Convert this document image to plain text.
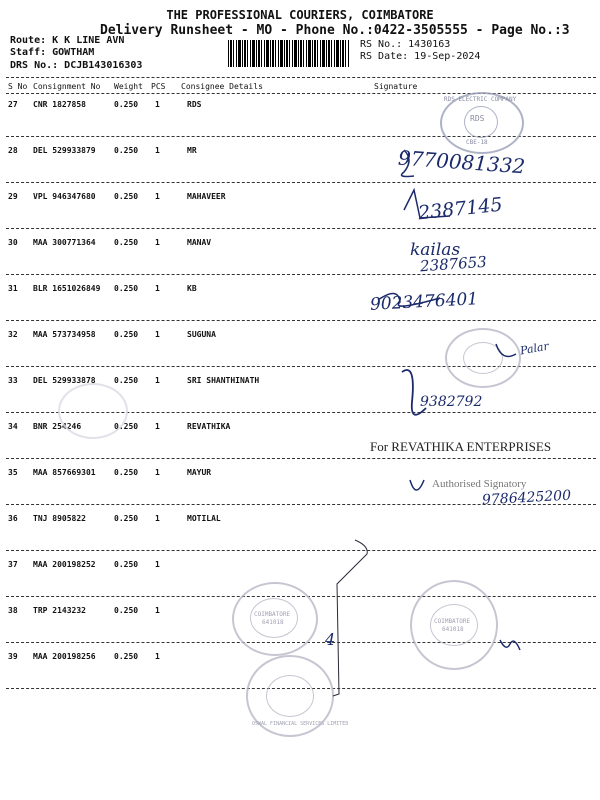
THE PROFESSIONAL COURIERS, COIMBATORE
Delivery Runsheet - MO - Phone No.:0422-3505555 - Page No.:3
Route: K K LINE AVN
Staff: GOWTHAM
DRS No.: DCJB143016303
RS No.: 1430163
RS Date: 19-Sep-2024
S No Consignment No Weight PCS Consignee Details	Signature
27 CNR 1827858	0.250 1	RDS
28 DEL 529933879 0.250 1	MR
29 VPL 946347680 0.250 1	MAHAVEER
30 MAA 300771364 0.250 1	MANAV
31 BLR 1651026849 0.250 1	KB
32 MAA 573734958 0.250 1	SUGUNA
33 DEL 529933878 0.250 1	SRI SHANTHINATH
34 BNR 254246	0.250 1	REVATHIKA
35 MAA 857669301 0.250 1	MAYUR
36 TNJ 8905822	0.250 1	MOTILAL
37 MAA 200198252 0.250 1
38 TRP 2143232	0.250 1
39 MAA 200198256 0.250 1
RDS
RDS ELECTRIC COMPANY
CBE-18
9770081332
2387145
kailas
2387653
9023476401
Palar
9382792
9786425200
4
For REVATHIKA ENTERPRISES
Authorised Signatory
COIMBATORE
641018	COIMBATORE
641018
OSWAL FINANCIAL SERVICES LIMITED
